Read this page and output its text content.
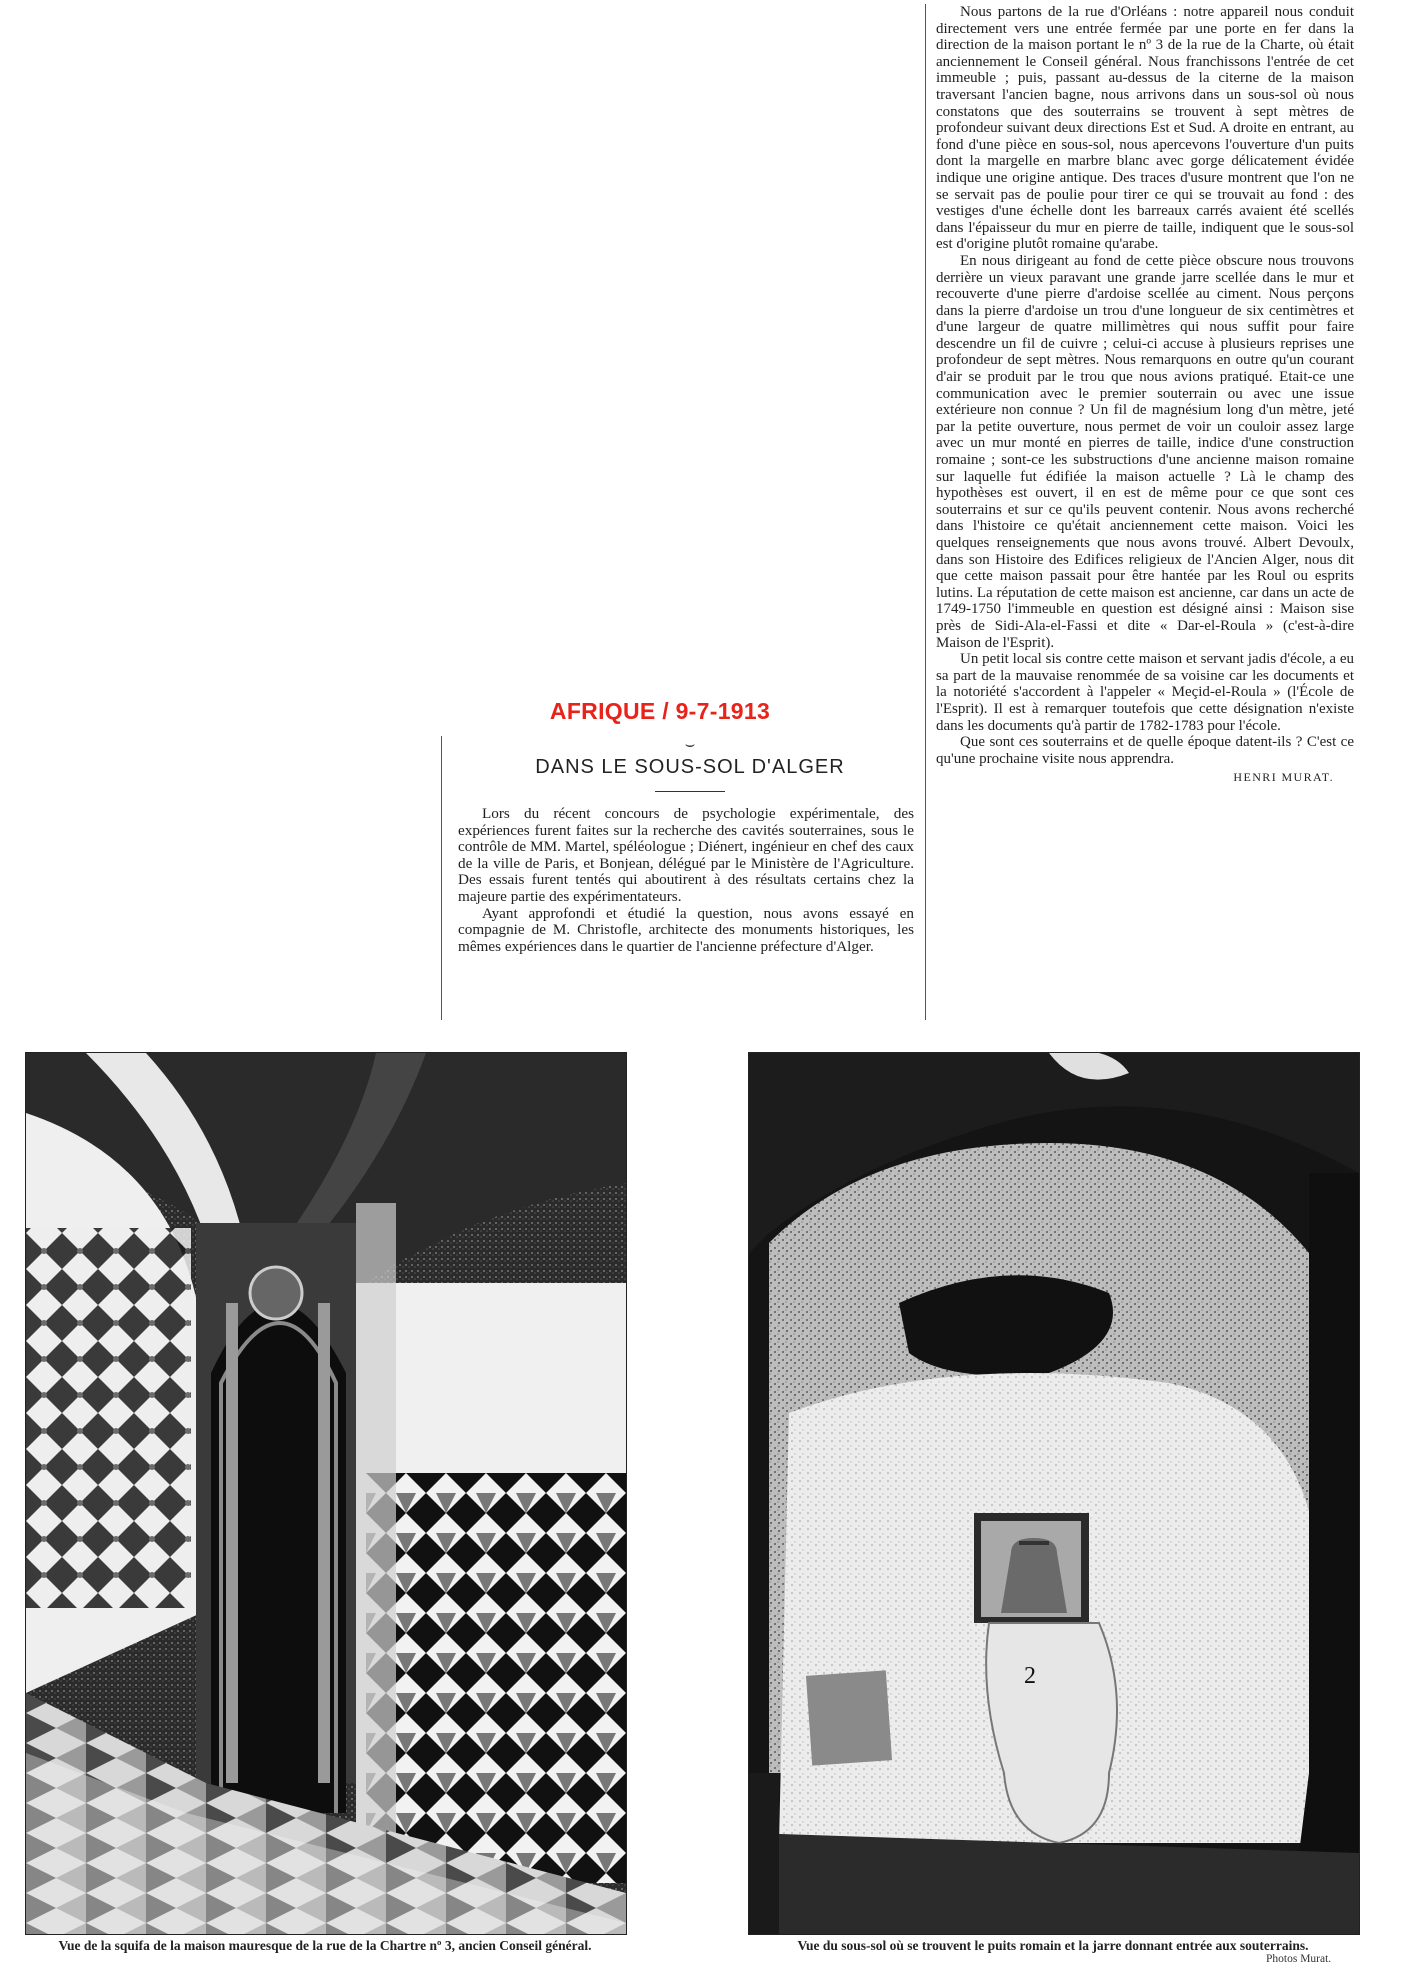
AFRIQUE / 9-7-1913
⌣
DANS LE SOUS-SOL D'ALGER

Lors du récent concours de psychologie expérimentale, des expériences furent faites sur la recherche des cavités souterraines, sous le contrôle de MM. Martel, spéléologue ; Diénert, ingénieur en chef des caux de la ville de Paris, et Bonjean, délégué par le Ministère de l'Agriculture. Des essais furent tentés qui aboutirent à des résultats certains chez la majeure partie des expérimentateurs.

Ayant approfondi et étudié la question, nous avons essayé en compagnie de M. Christofle, architecte des monuments historiques, les mêmes expériences dans le quartier de l'ancienne préfecture d'Alger.

Nous partons de la rue d'Orléans : notre appareil nous conduit directement vers une entrée fermée par une porte en fer dans la direction de la maison portant le nº 3 de la rue de la Charte, où était anciennement le Conseil général. Nous franchissons l'entrée de cet immeuble ; puis, passant au-dessus de la citerne de la maison traversant l'ancien bagne, nous arrivons dans un sous-sol où nous constatons que des souterrains se trouvent à sept mètres de profondeur suivant deux directions Est et Sud. A droite en entrant, au fond d'une pièce en sous-sol, nous apercevons l'ouverture d'un puits dont la margelle en marbre blanc avec gorge délicatement évidée indique une origine antique. Des traces d'usure montrent que l'on ne se servait pas de poulie pour tirer ce qui se trouvait au fond : des vestiges d'une échelle dont les barreaux carrés avaient été scellés dans l'épaisseur du mur en pierre de taille, indiquent que le sous-sol est d'origine plutôt romaine qu'arabe.

En nous dirigeant au fond de cette pièce obscure nous trouvons derrière un vieux paravant une grande jarre scellée dans le mur et recouverte d'une pierre d'ardoise scellée au ciment. Nous perçons dans la pierre d'ardoise un trou d'une longueur de six centimètres et d'une largeur de quatre millimètres qui nous suffit pour faire descendre un fil de cuivre ; celui-ci accuse à plusieurs reprises une profondeur de sept mètres. Nous remarquons en outre qu'un courant d'air se produit par le trou que nous avions pratiqué. Etait-ce une communication avec le premier souterrain ou avec une issue extérieure non connue ? Un fil de magnésium long d'un mètre, jeté par la petite ouverture, nous permet de voir un couloir assez large avec un mur monté en pierres de taille, indice d'une construction romaine ; sont-ce les substructions d'une ancienne maison romaine sur laquelle fut édifiée la maison actuelle ? Là le champ des hypothèses est ouvert, il en est de même pour ce que sont ces souterrains et sur ce qu'ils peuvent contenir. Nous avons recherché dans l'histoire ce qu'était anciennement cette maison. Voici les quelques renseignements que nous avons trouvé. Albert Devoulx, dans son Histoire des Edifices religieux de l'Ancien Alger, nous dit que cette maison passait pour être hantée par les Roul ou esprits lutins. La réputation de cette maison est ancienne, car dans un acte de 1749-1750 l'immeuble en question est désigné ainsi : Maison sise près de Sidi-Ala-el-Fassi et dite « Dar-el-Roula » (c'est-à-dire Maison de l'Esprit).

Un petit local sis contre cette maison et servant jadis d'école, a eu sa part de la mauvaise renommée de sa voisine car les documents et la notoriété s'accordent à l'appeler « Meçid-el-Roula » (l'École de l'Esprit). Il est à remarquer toutefois que cette désignation n'existe dans les documents qu'à partir de 1782-1783 pour l'école.

Que sont ces souterrains et de quelle époque datent-ils ? C'est ce qu'une prochaine visite nous apprendra.

HENRI MURAT.
2
Vue de la squifa de la maison mauresque de la rue de la Chartre nº 3, ancien Conseil général.	Vue du sous-sol où se trouvent le puits romain et la jarre donnant entrée aux souterrains.
Photos Murat.
